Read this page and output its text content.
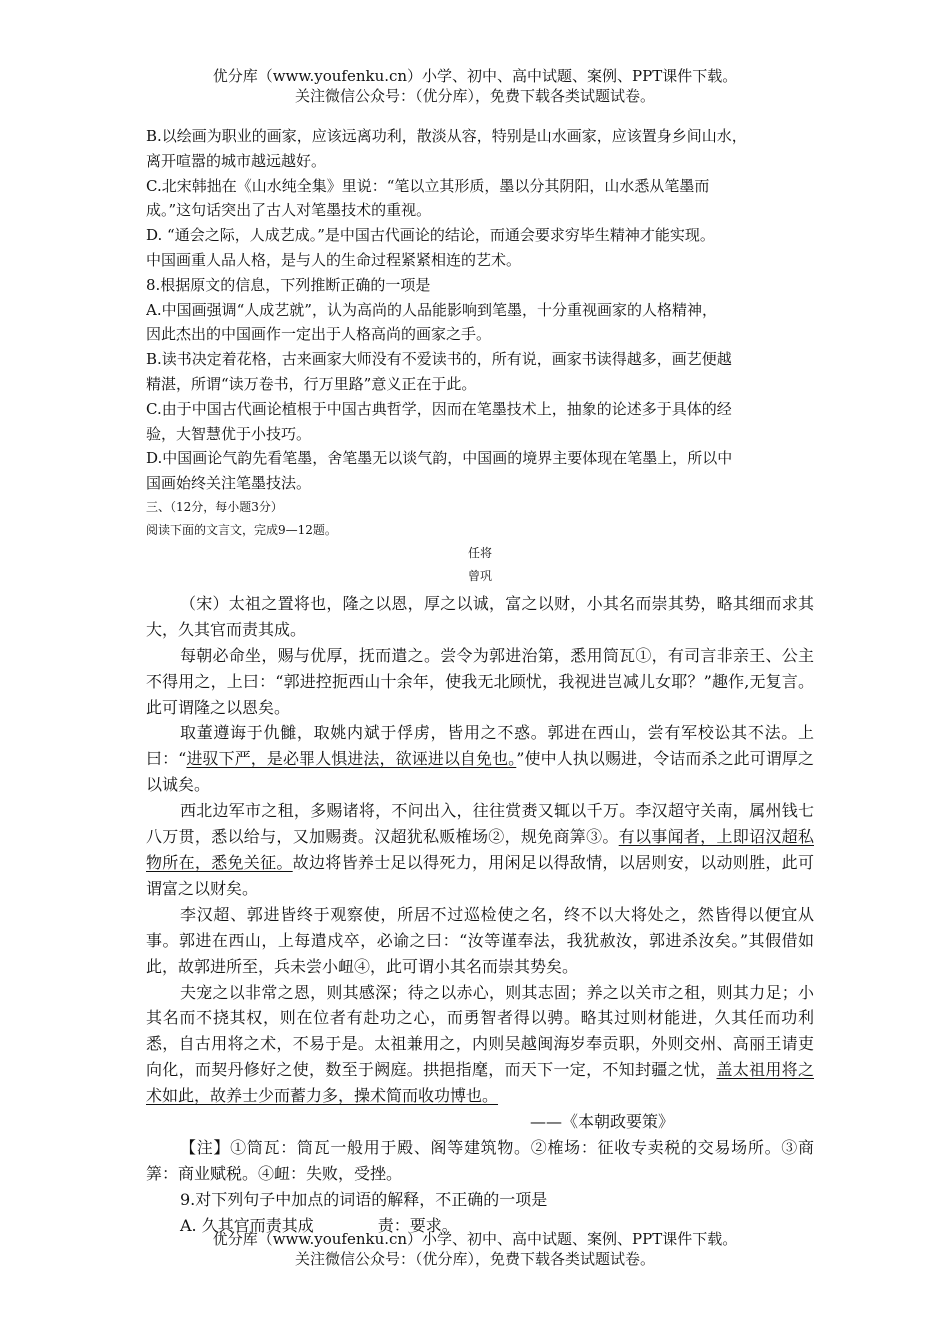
优分库（www.youfenku.cn）小学、初中、高中试题、案例、PPT课件下载。
关注微信公众号：（优分库），免费下载各类试题试卷。
B.以绘画为职业的画家，应该远离功利，散淡从容，特别是山水画家，应该置身乡间山水，
离开喧嚣的城市越远越好。
C.北宋韩拙在《山水纯全集》里说：“笔以立其形质，墨以分其阴阳，山水悉从笔墨而
成。”这句话突出了古人对笔墨技术的重视。
D. “通会之际，人成艺成。”是中国古代画论的结论，而通会要求穷毕生精神才能实现。
中国画重人品人格，是与人的生命过程紧紧相连的艺术。
8.根据原文的信息，下列推断正确的一项是
A.中国画强调“人成艺就”，认为高尚的人品能影响到笔墨，十分重视画家的人格精神，
因此杰出的中国画作一定出于人格高尚的画家之手。
B.读书决定着花格，古来画家大师没有不爱读书的，所有说，画家书读得越多，画艺便越
精湛，所谓“读万卷书，行万里路”意义正在于此。
C.由于中国古代画论植根于中国古典哲学，因而在笔墨技术上，抽象的论述多于具体的经
验，大智慧优于小技巧。
D.中国画论气韵先看笔墨，舍笔墨无以谈气韵，中国画的境界主要体现在笔墨上，所以中
国画始终关注笔墨技法。
三、（12分，每小题3分）
阅读下面的文言文，完成9—12题。
任将
曾巩

（宋）太祖之置将也，隆之以恩，厚之以诚，富之以财，小其名而崇其势，略其细而求其大，久其官而责其成。

每朝必命坐，赐与优厚，抚而遣之。尝令为郭进治第，悉用筒瓦①，有司言非亲王、公主不得用之，上曰：“郭进控扼西山十余年，使我无北顾忧，我视进岂减儿女耶？”趣作,无复言。此可谓隆之以恩矣。

取董遵诲于仇雠，取姚内斌于俘虏，皆用之不惑。郭进在西山，尝有军校讼其不法。上曰：“进驭下严，是必罪人惧进法，欲诬进以自免也。”使中人执以赐进，令诘而杀之此可谓厚之以诚矣。

西北边军市之租，多赐诸将，不问出入，往往赏赉又辄以千万。李汉超守关南，属州钱七八万贯，悉以给与，又加赐赉。汉超犹私贩榷场②，规免商筭③。有以事闻者，上即诏汉超私物所在，悉免关征。故边将皆养士足以得死力，用闲足以得敌情，以居则安，以动则胜，此可谓富之以财矣。

李汉超、郭进皆终于观察使，所居不过巡检使之名，终不以大将处之，然皆得以便宜从事。郭进在西山，上每遣戍卒，必谕之曰：“汝等谨奉法，我犹赦汝，郭进杀汝矣。”其假借如此，故郭进所至，兵未尝小衄④，此可谓小其名而崇其势矣。

夫宠之以非常之恩，则其感深；待之以赤心，则其志固；养之以关市之租，则其力足；小其名而不挠其权，则在位者有赴功之心，而勇智者得以骋。略其过则材能进，久其任而功利悉，自古用将之术，不易于是。太祖兼用之，内则吴越闽海岁奉贡职，外则交州、高丽王请吏向化，而契丹修好之使，数至于阙庭。拱挹指麾，而天下一定，不知封疆之忧，盖太祖用将之术如此，故养士少而蓄力多，操术简而收功博也。

——《本朝政要策》

【注】①筒瓦：筒瓦一般用于殿、阁等建筑物。②榷场：征收专卖税的交易场所。③商筭：商业赋税。④衄：失败，受挫。

9.对下列句子中加点的词语的解释，不正确的一项是
A. 久其官而责其成　　　　责：要求。
优分库（www.youfenku.cn）小学、初中、高中试题、案例、PPT课件下载。
关注微信公众号：（优分库），免费下载各类试题试卷。
